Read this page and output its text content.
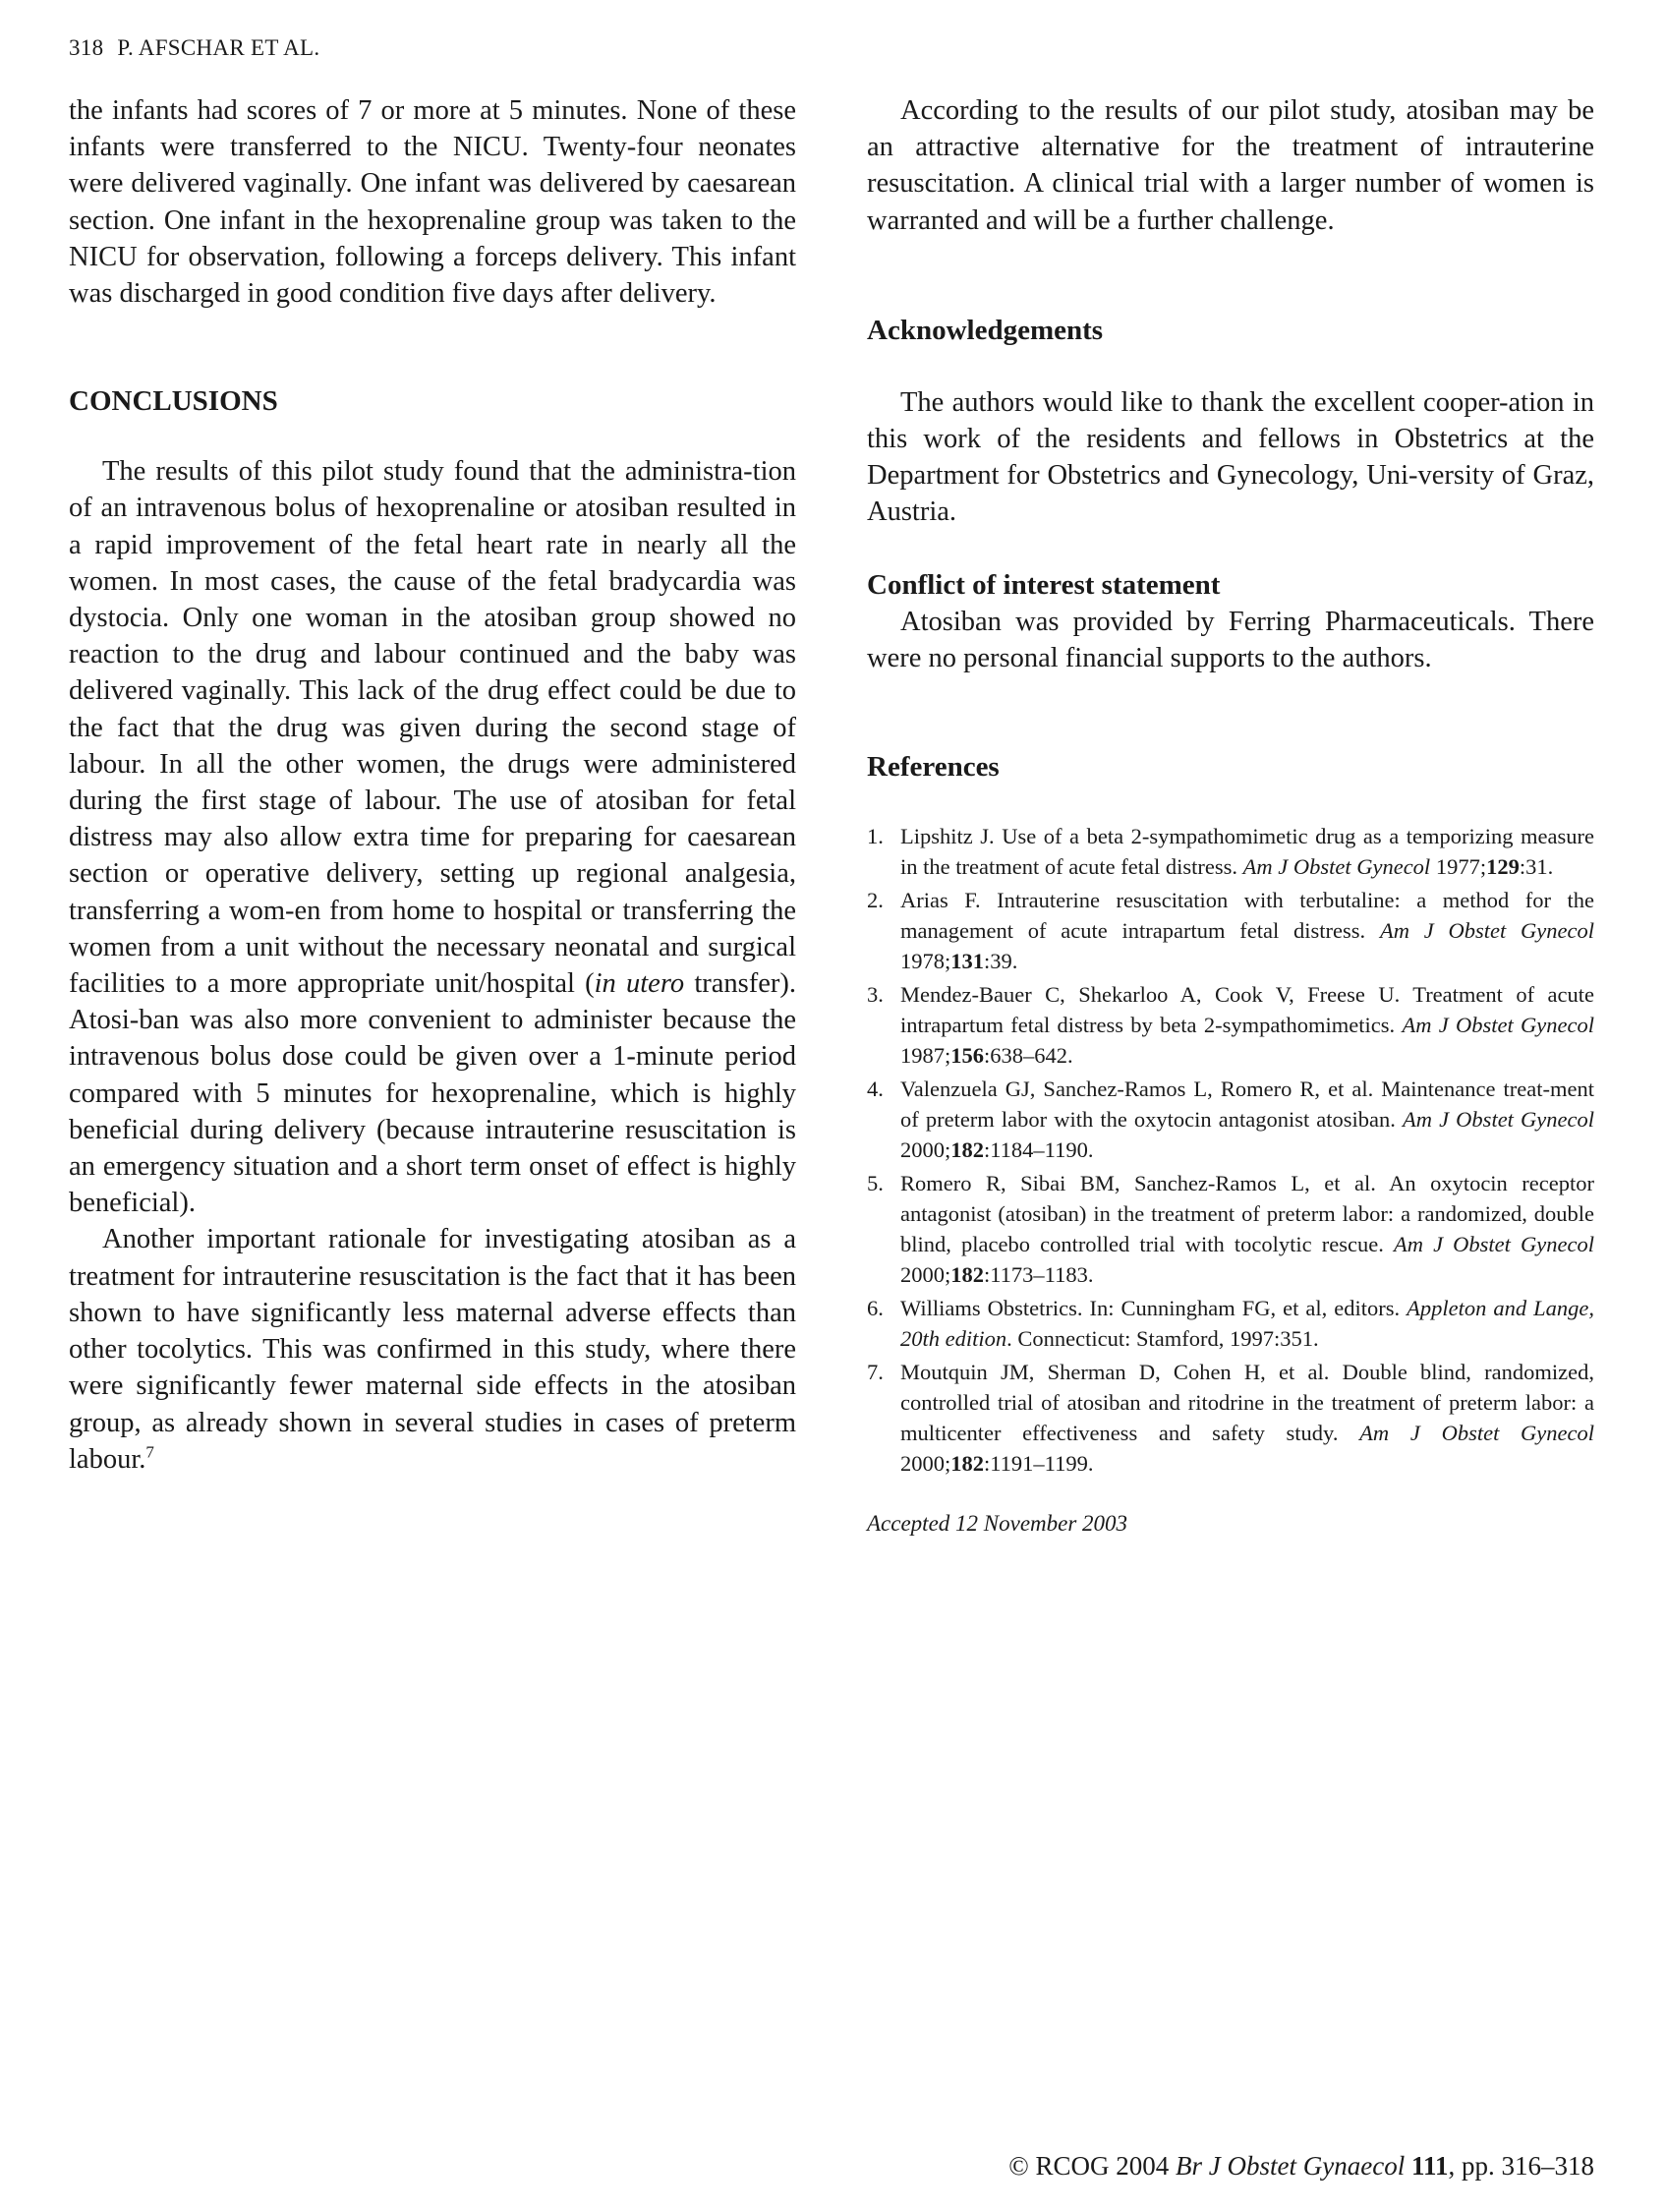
318 P. AFSCHAR ET AL.

the infants had scores of 7 or more at 5 minutes. None of these infants were transferred to the NICU. Twenty-four neonates were delivered vaginally. One infant was delivered by caesarean section. One infant in the hexoprenaline group was taken to the NICU for observation, following a forceps delivery. This infant was discharged in good condition five days after delivery.

CONCLUSIONS

The results of this pilot study found that the administra-tion of an intravenous bolus of hexoprenaline or atosiban resulted in a rapid improvement of the fetal heart rate in nearly all the women. In most cases, the cause of the fetal bradycardia was dystocia. Only one woman in the atosiban group showed no reaction to the drug and labour continued and the baby was delivered vaginally. This lack of the drug effect could be due to the fact that the drug was given during the second stage of labour. In all the other women, the drugs were administered during the first stage of labour. The use of atosiban for fetal distress may also allow extra time for preparing for caesarean section or operative delivery, setting up regional analgesia, transferring a wom-en from home to hospital or transferring the women from a unit without the necessary neonatal and surgical facilities to a more appropriate unit/hospital (in utero transfer). Atosi-ban was also more convenient to administer because the intravenous bolus dose could be given over a 1-minute period compared with 5 minutes for hexoprenaline, which is highly beneficial during delivery (because intrauterine resuscitation is an emergency situation and a short term onset of effect is highly beneficial).

Another important rationale for investigating atosiban as a treatment for intrauterine resuscitation is the fact that it has been shown to have significantly less maternal adverse effects than other tocolytics. This was confirmed in this study, where there were significantly fewer maternal side effects in the atosiban group, as already shown in several studies in cases of preterm labour.$^7$

According to the results of our pilot study, atosiban may be an attractive alternative for the treatment of intrauterine resuscitation. A clinical trial with a larger number of women is warranted and will be a further challenge.

Acknowledgements

The authors would like to thank the excellent cooper-ation in this work of the residents and fellows in Obstetrics at the Department for Obstetrics and Gynecology, Uni-versity of Graz, Austria.

Conflict of interest statement

Atosiban was provided by Ferring Pharmaceuticals. There were no personal financial supports to the authors.

References
1. Lipshitz J. Use of a beta 2-sympathomimetic drug as a temporizing measure in the treatment of acute fetal distress. Am J Obstet Gynecol 1977;129:31.
2. Arias F. Intrauterine resuscitation with terbutaline: a method for the management of acute intrapartum fetal distress. Am J Obstet Gynecol 1978;131:39.
3. Mendez-Bauer C, Shekarloo A, Cook V, Freese U. Treatment of acute intrapartum fetal distress by beta 2-sympathomimetics. Am J Obstet Gynecol 1987;156:638–642.
4. Valenzuela GJ, Sanchez-Ramos L, Romero R, et al. Maintenance treat-ment of preterm labor with the oxytocin antagonist atosiban. Am J Obstet Gynecol 2000;182:1184–1190.
5. Romero R, Sibai BM, Sanchez-Ramos L, et al. An oxytocin receptor antagonist (atosiban) in the treatment of preterm labor: a randomized, double blind, placebo controlled trial with tocolytic rescue. Am J Obstet Gynecol 2000;182:1173–1183.
6. Williams Obstetrics. In: Cunningham FG, et al, editors. Appleton and Lange, 20th edition. Connecticut: Stamford, 1997:351.
7. Moutquin JM, Sherman D, Cohen H, et al. Double blind, randomized, controlled trial of atosiban and ritodrine in the treatment of preterm labor: a multicenter effectiveness and safety study. Am J Obstet Gynecol 2000;182:1191–1199.
Accepted 12 November 2003
© RCOG 2004 Br J Obstet Gynaecol 111, pp. 316–318
